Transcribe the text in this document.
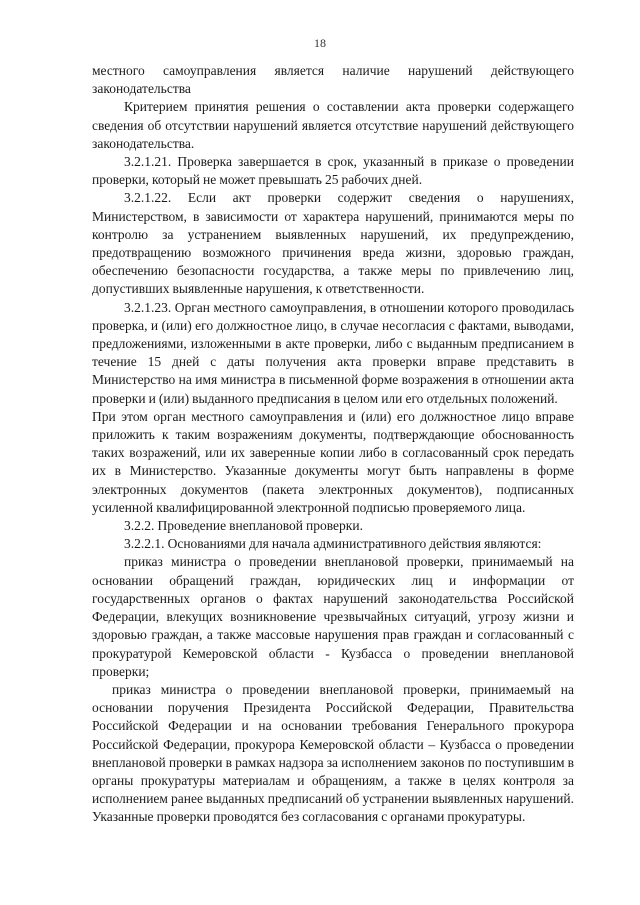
18

местного самоуправления является наличие нарушений действующего законодательства

Критерием принятия решения о составлении акта проверки содержащего сведения об отсутствии нарушений является отсутствие нарушений действующего законодательства.

3.2.1.21. Проверка завершается в срок, указанный в приказе о проведении проверки, который не может превышать 25 рабочих дней.

3.2.1.22. Если акт проверки содержит сведения о нарушениях, Министерством, в зависимости от характера нарушений, принимаются меры по контролю за устранением выявленных нарушений, их предупреждению, предотвращению возможного причинения вреда жизни, здоровью граждан, обеспечению безопасности государства, а также меры по привлечению лиц, допустивших выявленные нарушения, к ответственности.

3.2.1.23. Орган местного самоуправления, в отношении которого проводилась проверка, и (или) его должностное лицо, в случае несогласия с фактами, выводами, предложениями, изложенными в акте проверки, либо с выданным предписанием в течение 15 дней с даты получения акта проверки вправе представить в Министерство на имя министра в письменной форме возражения в отношении акта проверки и (или) выданного предписания в целом или его отдельных положений.

При этом орган местного самоуправления и (или) его должностное лицо вправе приложить к таким возражениям документы, подтверждающие обоснованность таких возражений, или их заверенные копии либо в согласованный срок передать их в Министерство. Указанные документы могут быть направлены в форме электронных документов (пакета электронных документов), подписанных усиленной квалифицированной электронной подписью проверяемого лица.

3.2.2. Проведение внеплановой проверки.

3.2.2.1. Основаниями для начала административного действия являются:

приказ министра о проведении внеплановой проверки, принимаемый на основании обращений граждан, юридических лиц и информации от государственных органов о фактах нарушений законодательства Российской Федерации, влекущих возникновение чрезвычайных ситуаций, угрозу жизни и здоровью граждан, а также массовые нарушения прав граждан и согласованный с прокуратурой Кемеровской области - Кузбасса о проведении внеплановой проверки;

приказ министра о проведении внеплановой проверки, принимаемый на основании поручения Президента Российской Федерации, Правительства Российской Федерации и на основании требования Генерального прокурора Российской Федерации, прокурора Кемеровской области – Кузбасса о проведении внеплановой проверки в рамках надзора за исполнением законов по поступившим в органы прокуратуры материалам и обращениям, а также в целях контроля за исполнением ранее выданных предписаний об устранении выявленных нарушений. Указанные проверки проводятся без согласования с органами прокуратуры.
